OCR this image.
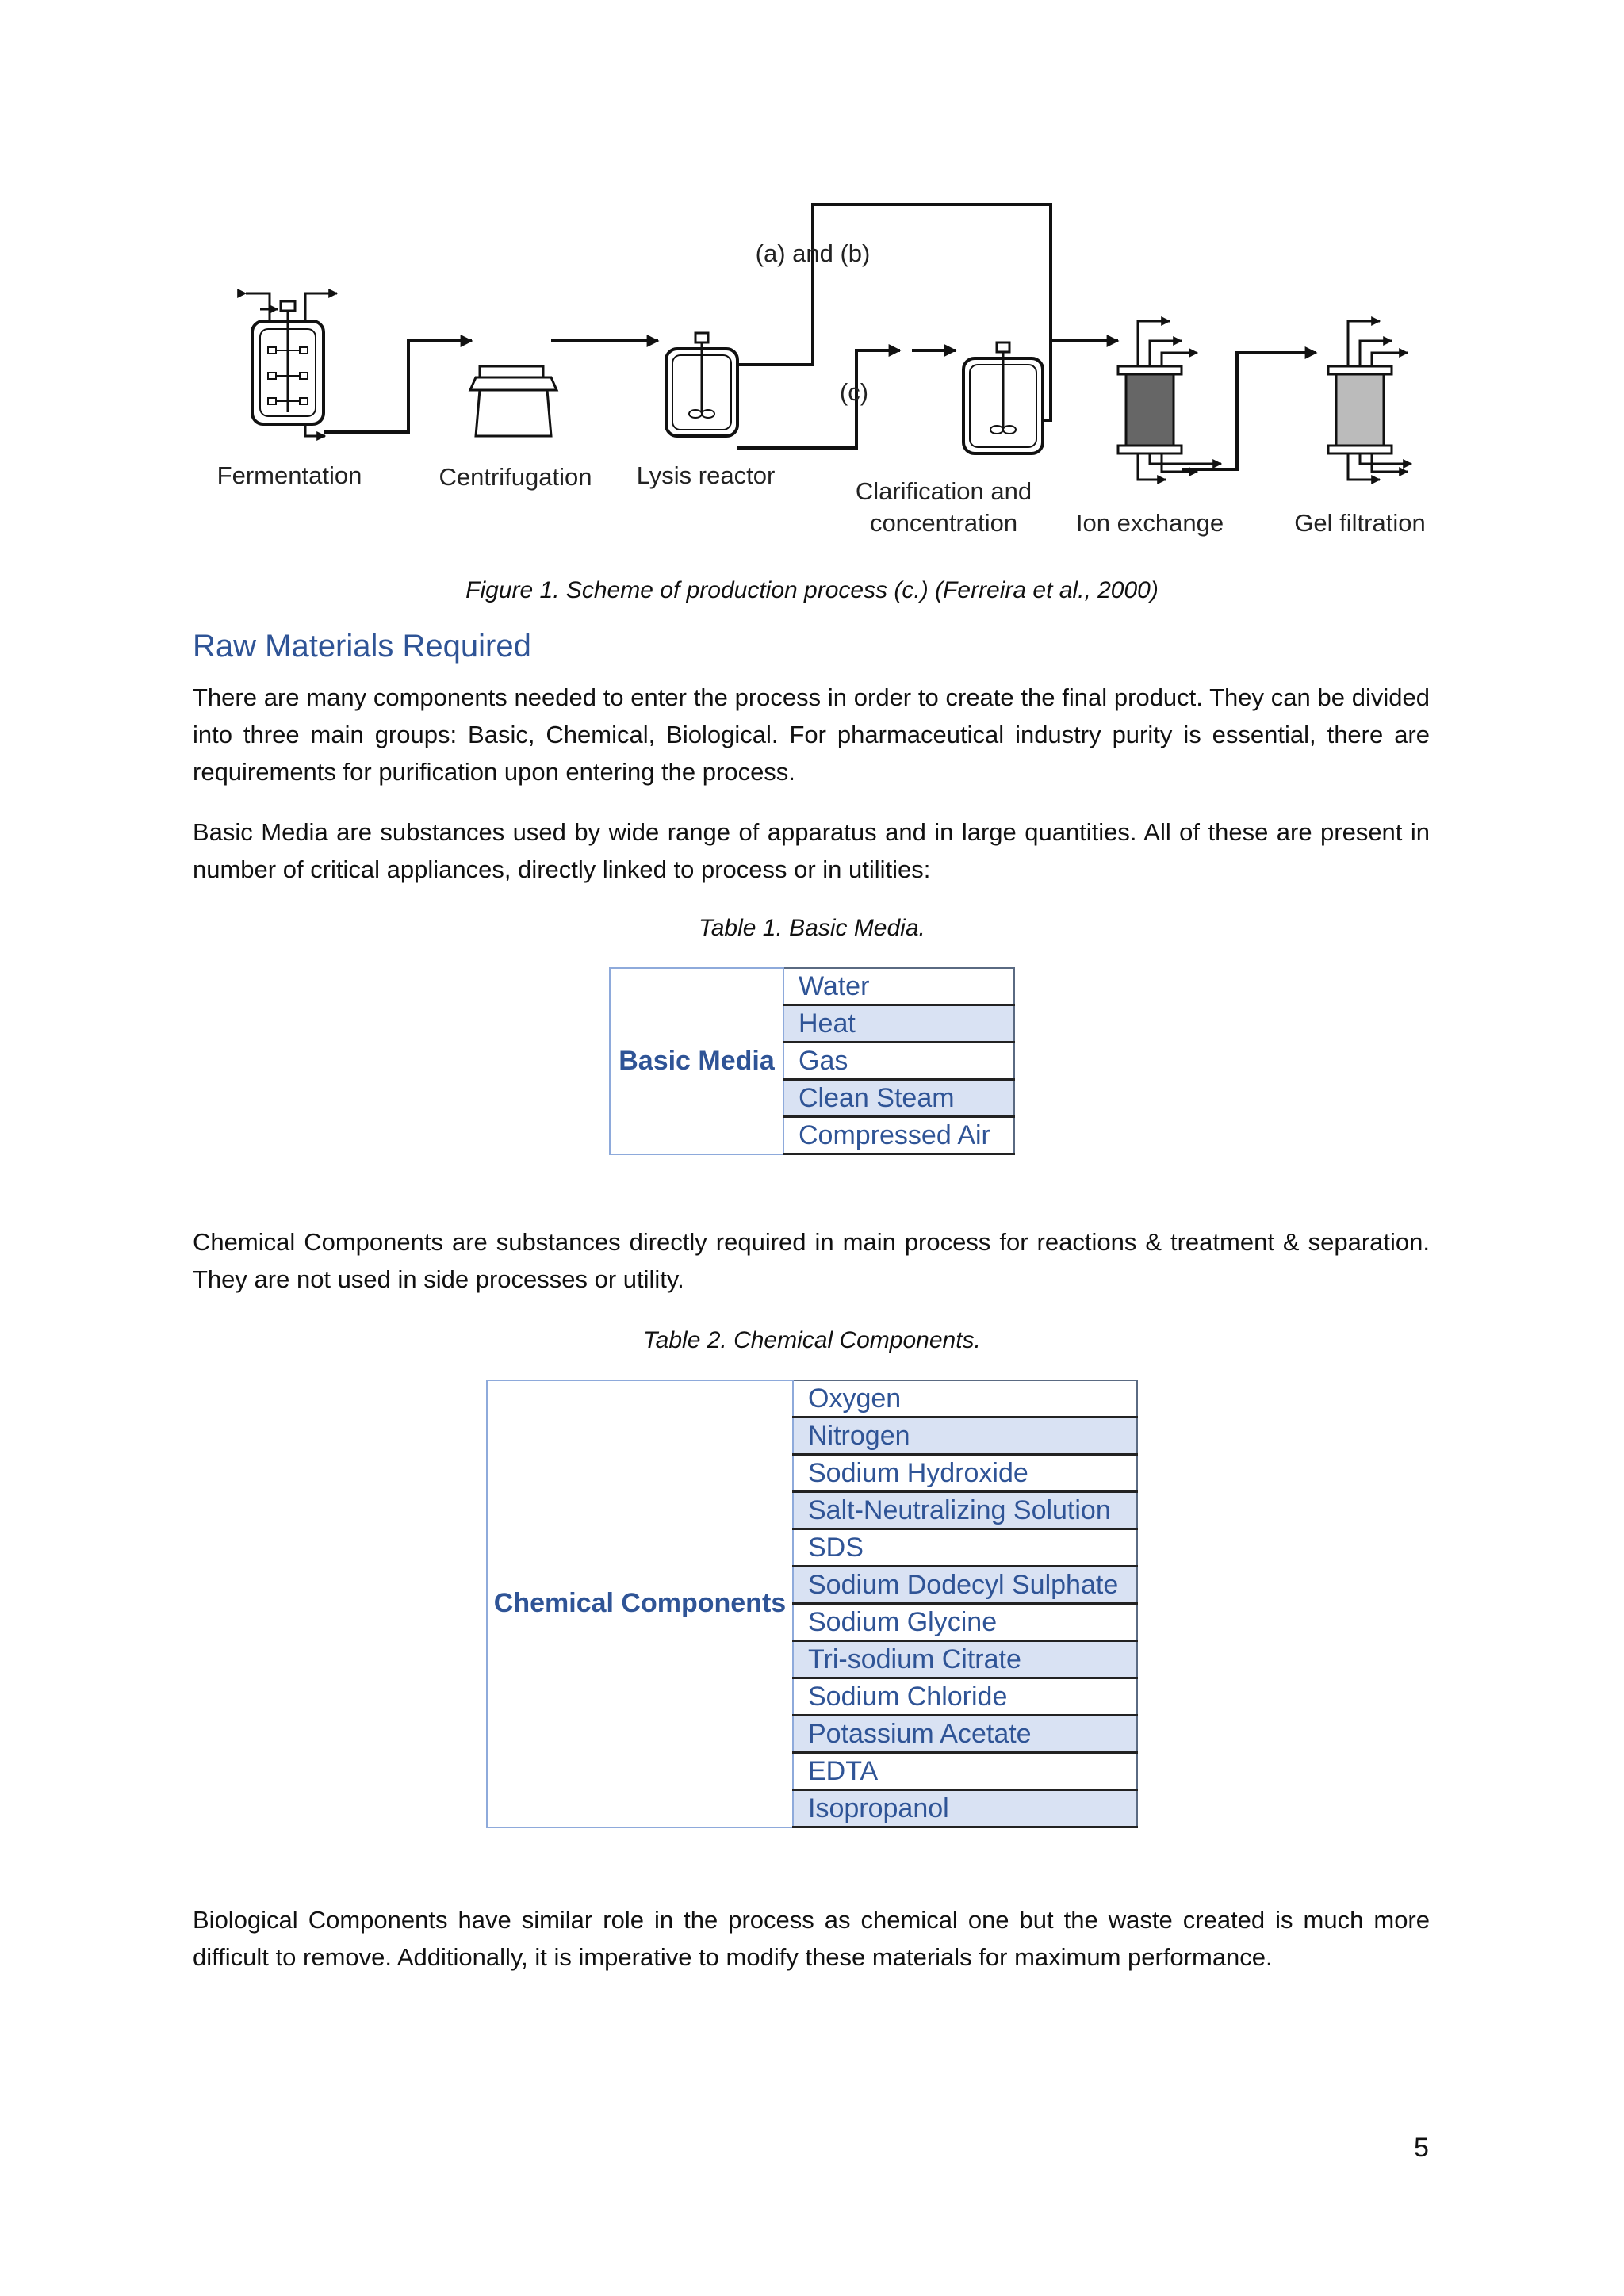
(a) and (b)
(c)
Fermentation	Centrifugation Lysis reactor
Clarification and
concentration Ion exchange	Gel filtration
Figure 1. Scheme of production process (c.) (Ferreira et al., 2000)
Raw Materials Required
There are many components needed to enter the process in order to create the final product. They can be divided into three main groups: Basic, Chemical, Biological. For pharmaceutical industry purity is essential, there are requirements for purification upon entering the process.
Basic Media are substances used by wide range of apparatus and in large quantities. All of these are present in number of critical appliances, directly linked to process or in utilities:
Table 1. Basic Media.
Basic Media	Water
Heat
Gas
Clean Steam
Compressed Air
Chemical Components are substances directly required in main process for reactions & treatment & separation. They are not used in side processes or utility.
Table 2. Chemical Components.
Chemical Components	Oxygen
Nitrogen
Sodium Hydroxide
Salt-Neutralizing Solution
SDS
Sodium Dodecyl Sulphate
Sodium Glycine
Tri-sodium Citrate
Sodium Chloride
Potassium Acetate
EDTA
Isopropanol
Biological Components have similar role in the process as chemical one but the waste created is much more difficult to remove. Additionally, it is imperative to modify these materials for maximum performance.
5
